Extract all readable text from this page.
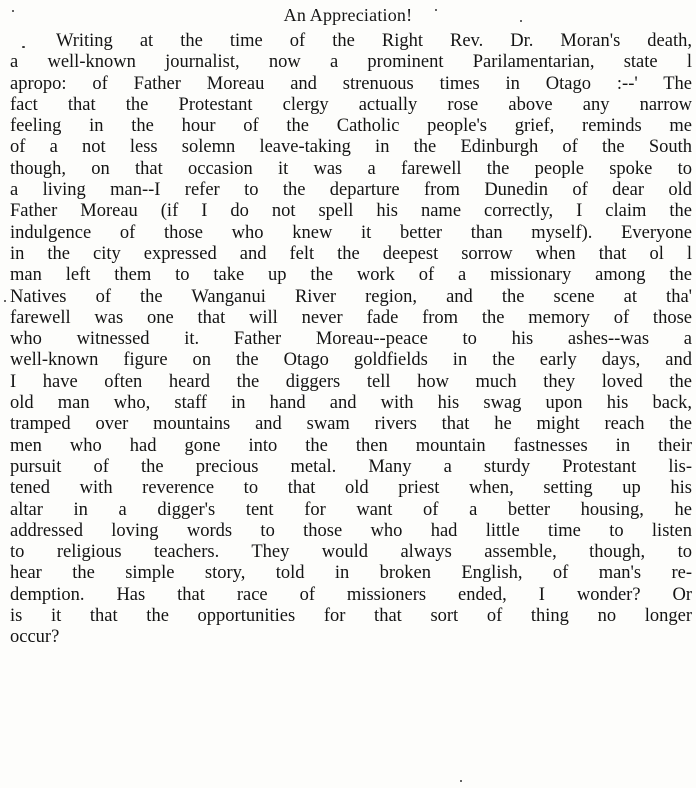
An Appreciation!
Writing at the time of the Right Rev. Dr. Moran's death,
a well-known journalist, now a prominent Parilamentarian, state l
apropo: of Father Moreau and strenuous times in Otago :--' The
fact that the Protestant clergy actually rose above any narrow
feeling in the hour of the Catholic people's grief, reminds me
of a not less solemn leave-taking in the Edinburgh of the South
though, on that occasion it was a farewell the people spoke to
a living man--I refer to the departure from Dunedin of dear old
Father Moreau (if I do not spell his name correctly, I claim the
indulgence of those who knew it better than myself). Everyone
in the city expressed and felt the deepest sorrow when that ol l
man left them to take up the work of a missionary among the
Natives of the Wanganui River region, and the scene at tha'
farewell was one that will never fade from the memory of those
who witnessed it. Father Moreau--peace to his ashes--was a
well-known figure on the Otago goldfields in the early days, and
I have often heard the diggers tell how much they loved the
old man who, staff in hand and with his swag upon his back,
tramped over mountains and swam rivers that he might reach the
men who had gone into the then mountain fastnesses in their
pursuit of the precious metal. Many a sturdy Protestant lis-
tened with reverence to that old priest when, setting up his
altar in a digger's tent for want of a better housing, he
addressed loving words to those who had little time to listen
to religious teachers. They would always assemble, though, to
hear the simple story, told in broken English, of man's re-
demption. Has that race of missioners ended, I wonder? Or
is it that the opportunities for that sort of thing no longer
occur?
